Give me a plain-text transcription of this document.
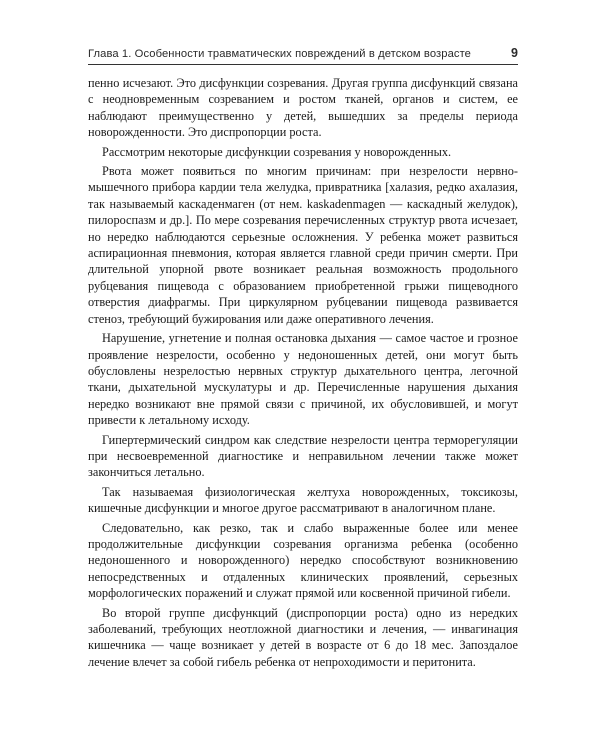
Глава 1. Особенности травматических повреждений в детском возрасте	9

пенно исчезают. Это дисфункции созревания. Другая группа дисфункций связана с неодновременным созреванием и ростом тканей, органов и систем, ее наблюдают преимущественно у детей, вышедших за пределы периода новорожденности. Это диспропорции роста.

Рассмотрим некоторые дисфункции созревания у новорожденных.

Рвота может появиться по многим причинам: при незрелости нервно-мышечного прибора кардии тела желудка, привратника [халазия, редко ахалазия, так называемый каскаденмаген (от нем. kaskadenmagen — каскадный желудок), пилороспазм и др.]. По мере созревания перечисленных структур рвота исчезает, но нередко наблюдаются серьезные осложнения. У ребенка может развиться аспирационная пневмония, которая является главной среди причин смерти. При длительной упорной рвоте возникает реальная возможность продольного рубцевания пищевода с образованием приобретенной грыжи пищеводного отверстия диафрагмы. При циркулярном рубцевании пищевода развивается стеноз, требующий бужирования или даже оперативного лечения.

Нарушение, угнетение и полная остановка дыхания — самое частое и грозное проявление незрелости, особенно у недоношенных детей, они могут быть обусловлены незрелостью нервных структур дыхательного центра, легочной ткани, дыхательной мускулатуры и др. Перечисленные нарушения дыхания нередко возникают вне прямой связи с причиной, их обусловившей, и могут привести к летальному исходу.

Гипертермический синдром как следствие незрелости центра терморегуляции при несвоевременной диагностике и неправильном лечении также может закончиться летально.

Так называемая физиологическая желтуха новорожденных, токсикозы, кишечные дисфункции и многое другое рассматривают в аналогичном плане.

Следовательно, как резко, так и слабо выраженные более или менее продолжительные дисфункции созревания организма ребенка (особенно недоношенного и новорожденного) нередко способствуют возникновению непосредственных и отдаленных клинических проявлений, серьезных морфологических поражений и служат прямой или косвенной причиной гибели.

Во второй группе дисфункций (диспропорции роста) одно из нередких заболеваний, требующих неотложной диагностики и лечения, — инвагинация кишечника — чаще возникает у детей в возрасте от 6 до 18 мес. Запоздалое лечение влечет за собой гибель ребенка от непроходимости и перитонита.
